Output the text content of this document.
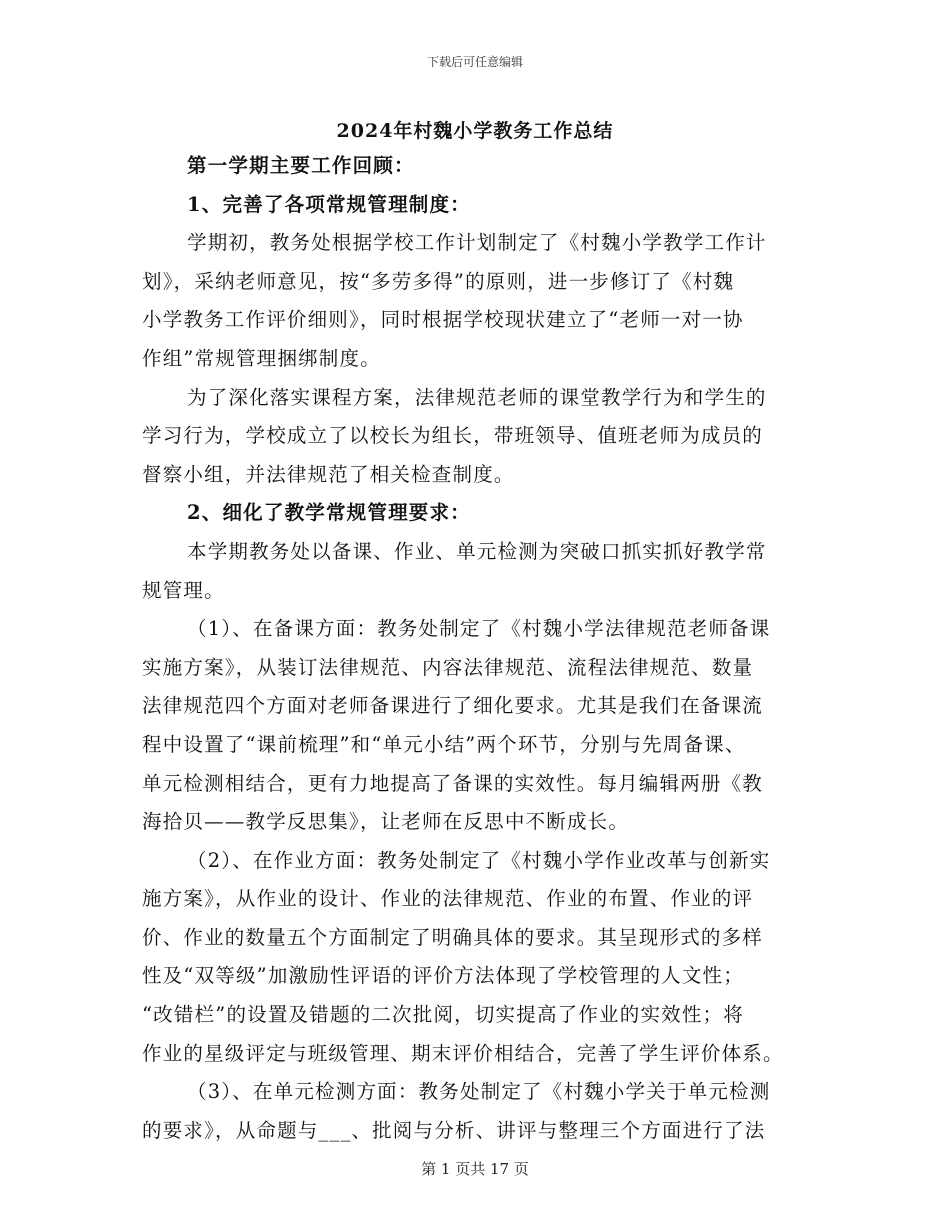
下载后可任意编辑
2024年村魏小学教务工作总结
第一学期主要工作回顾：
1、完善了各项常规管理制度：
学期初，教务处根据学校工作计划制定了《村魏小学教学工作计
划》，采纳老师意见，按“多劳多得”的原则，进一步修订了《村魏
小学教务工作评价细则》，同时根据学校现状建立了“老师一对一协
作组”常规管理捆绑制度。
为了深化落实课程方案，法律规范老师的课堂教学行为和学生的
学习行为，学校成立了以校长为组长，带班领导、值班老师为成员的
督察小组，并法律规范了相关检查制度。
2、细化了教学常规管理要求：
本学期教务处以备课、作业、单元检测为突破口抓实抓好教学常
规管理。
（1）、在备课方面：教务处制定了《村魏小学法律规范老师备课
实施方案》，从装订法律规范、内容法律规范、流程法律规范、数量
法律规范四个方面对老师备课进行了细化要求。尤其是我们在备课流
程中设置了“课前梳理”和“单元小结”两个环节，分别与先周备课、
单元检测相结合，更有力地提高了备课的实效性。每月编辑两册《教
海拾贝——教学反思集》，让老师在反思中不断成长。
（2）、在作业方面：教务处制定了《村魏小学作业改革与创新实
施方案》，从作业的设计、作业的法律规范、作业的布置、作业的评
价、作业的数量五个方面制定了明确具体的要求。其呈现形式的多样
性及“双等级”加激励性评语的评价方法体现了学校管理的人文性；
“改错栏”的设置及错题的二次批阅，切实提高了作业的实效性；将
作业的星级评定与班级管理、期末评价相结合，完善了学生评价体系。
（3）、在单元检测方面：教务处制定了《村魏小学关于单元检测
的要求》，从命题与___、批阅与分析、讲评与整理三个方面进行了法
第 1 页共 17 页
